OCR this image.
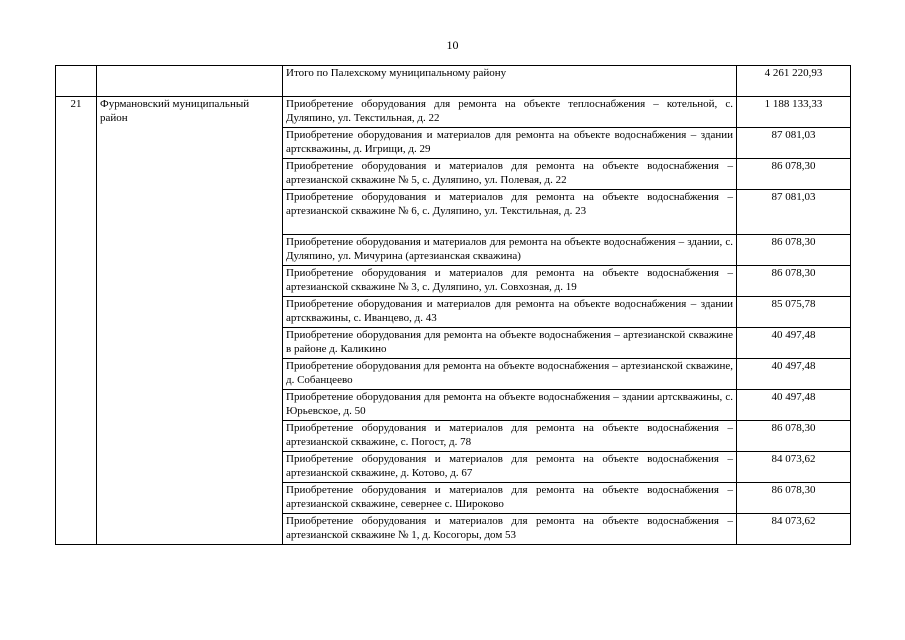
10
		Итого по Палехскому муниципальному району	4 261 220,93
21	Фурмановский муниципальный район	Приобретение оборудования для ремонта на объекте теплоснабжения – котельной, с. Дуляпино, ул. Текстильная, д. 22	1 188 133,33
		Приобретение оборудования и материалов для ремонта на объекте водоснабжения – здании артскважины, д. Игрищи, д. 29	87 081,03
		Приобретение оборудования и материалов для ремонта на объекте водоснабжения – артезианской скважине № 5, с. Дуляпино, ул. Полевая, д. 22	86 078,30
		Приобретение оборудования и материалов для ремонта на объекте водоснабжения – артезианской скважине № 6, с. Дуляпино, ул. Текстильная, д. 23	87 081,03
		Приобретение оборудования и материалов для ремонта на объекте водоснабжения – здании, с. Дуляпино, ул. Мичурина (артезианская скважина)	86 078,30
		Приобретение оборудования и материалов для ремонта на объекте водоснабжения – артезианской скважине № 3, с. Дуляпино, ул. Совхозная, д. 19	86 078,30
		Приобретение оборудования и материалов для ремонта на объекте водоснабжения – здании артскважины, с. Иванцево, д. 43	85 075,78
		Приобретение оборудования для ремонта на объекте водоснабжения – артезианской скважине в районе д. Каликино	40 497,48
		Приобретение оборудования для ремонта на объекте водоснабжения – артезианской скважине, д. Собанцеево	40 497,48
		Приобретение оборудования для ремонта на объекте водоснабжения – здании артскважины, с. Юрьевское, д. 50	40 497,48
		Приобретение оборудования и материалов для ремонта на объекте водоснабжения – артезианской скважине, с. Погост, д. 78	86 078,30
		Приобретение оборудования и материалов для ремонта на объекте водоснабжения – артезианской скважине, д. Котово, д. 67	84 073,62
		Приобретение оборудования и материалов для ремонта на объекте водоснабжения – артезианской скважине, севернее с. Широково	86 078,30
		Приобретение оборудования и материалов для ремонта на объекте водоснабжения – артезианской скважине № 1, д. Косогоры, дом 53	84 073,62
